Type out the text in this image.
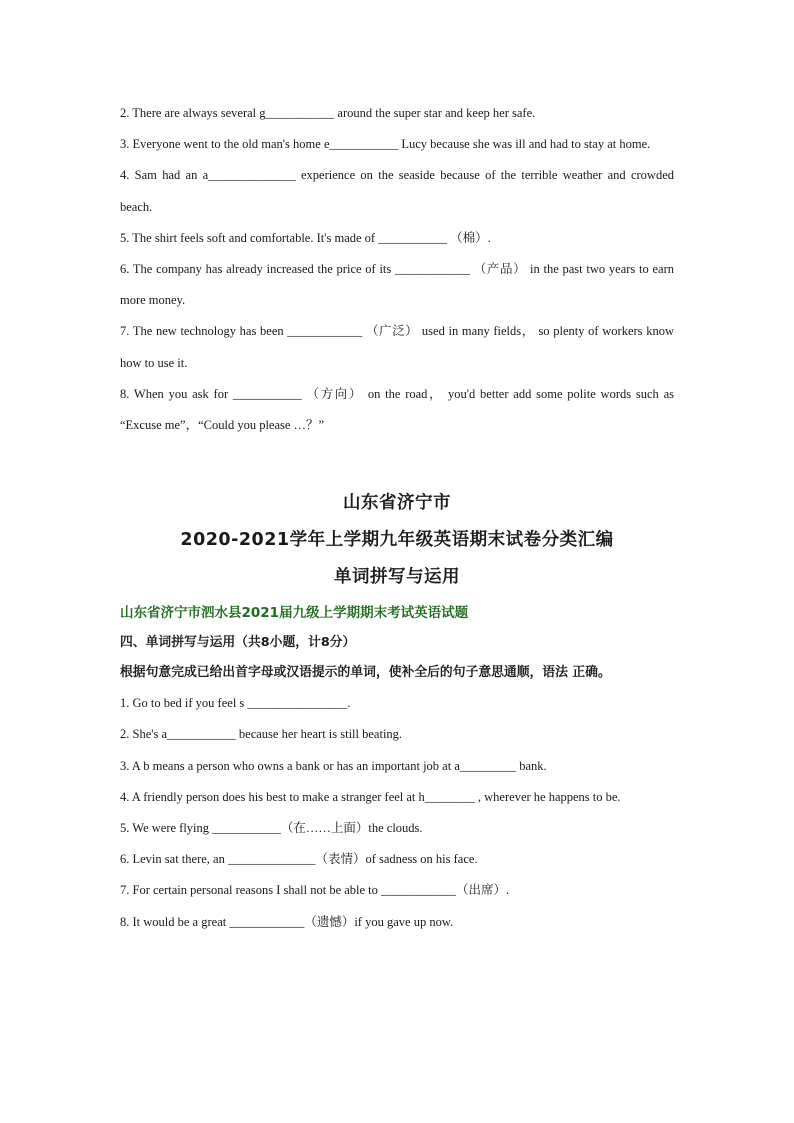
2. There are always several g___________ around the super star and keep her safe.

3. Everyone went to the old man's home e___________ Lucy because she was ill and had to stay at home.

4. Sam had an a______________ experience on the seaside because of the terrible weather and crowded beach.

5. The shirt feels soft and comfortable. It's made of ___________ （棉）.

6. The company has already increased the price of its ____________ （产品） in the past two years to earn more money.

7. The new technology has been ____________ （广泛） used in many fields， so plenty of workers know how to use it.

8. When you ask for ___________ （方向） on the road， you'd better add some polite words such as “Excuse me”，“Could you please …？”

山东省济宁市

2020-2021学年上学期九年级英语期末试卷分类汇编

单词拼写与运用

山东省济宁市泗水县2021届九级上学期期末考试英语试题

四、单词拼写与运用（共8小题，计8分）

根据句意完成已给出首字母或汉语提示的单词，使补全后的句子意思通顺，语法 正确。

1. Go to bed if you feel s ________________.

2. She's a___________ because her heart is still beating.

3. A b means a person who owns a bank or has an important job at a_________ bank.

4. A friendly person does his best to make a stranger feel at h________ , wherever he happens to be.

5. We were flying ___________（在……上面）the clouds.

6. Levin sat there, an ______________（表情）of sadness on his face.

7. For certain personal reasons I shall not be able to ____________（出席）.

8. It would be a great ____________（遗憾）if you gave up now.
